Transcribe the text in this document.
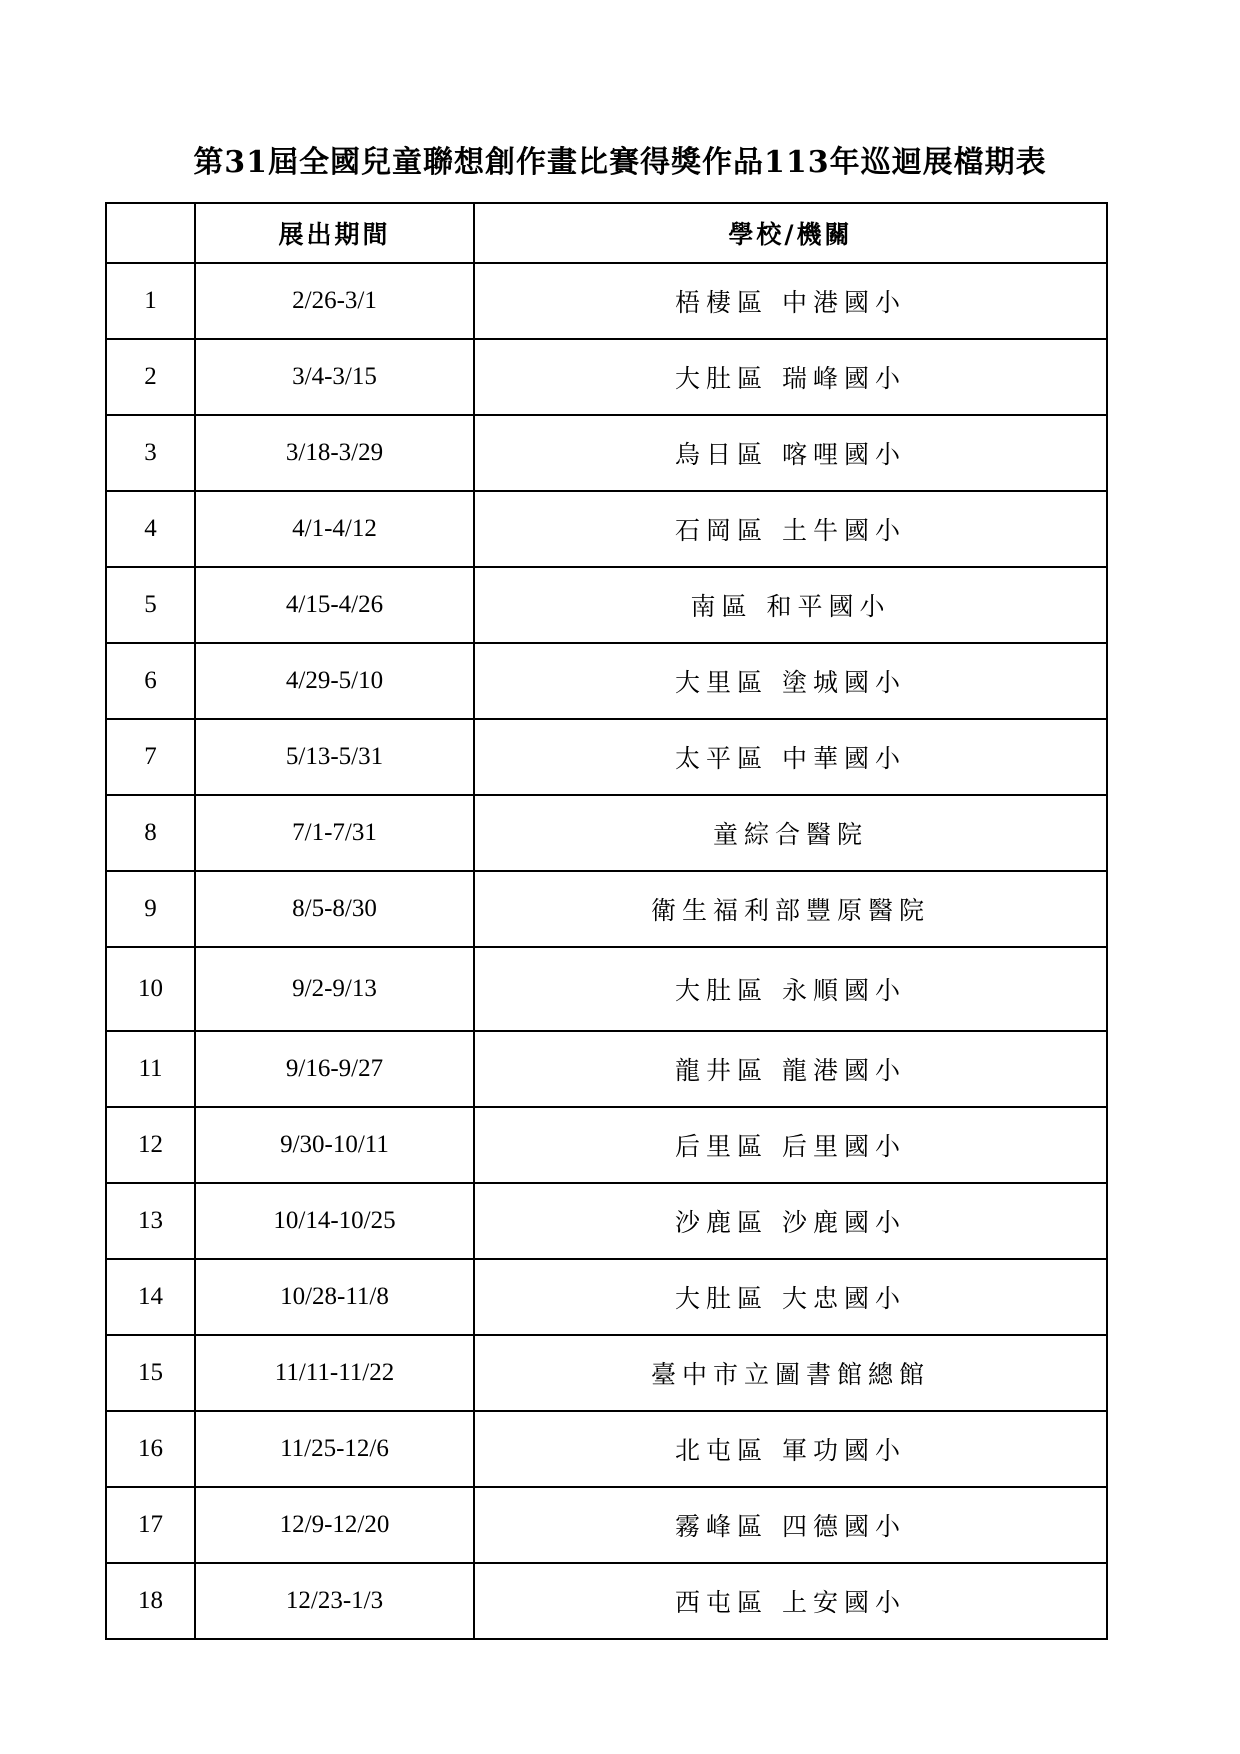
第31屆全國兒童聯想創作畫比賽得獎作品113年巡迴展檔期表
	展出期間	學校/機關
1	2/26-3/1	梧棲區 中港國小
2	3/4-3/15	大肚區 瑞峰國小
3	3/18-3/29	烏日區 喀哩國小
4	4/1-4/12	石岡區 土牛國小
5	4/15-4/26	南區 和平國小
6	4/29-5/10	大里區 塗城國小
7	5/13-5/31	太平區 中華國小
8	7/1-7/31	童綜合醫院
9	8/5-8/30	衛生福利部豐原醫院
10	9/2-9/13	大肚區 永順國小
11	9/16-9/27	龍井區 龍港國小
12	9/30-10/11	后里區 后里國小
13	10/14-10/25	沙鹿區 沙鹿國小
14	10/28-11/8	大肚區 大忠國小
15	11/11-11/22	臺中市立圖書館總館
16	11/25-12/6	北屯區 軍功國小
17	12/9-12/20	霧峰區 四德國小
18	12/23-1/3	西屯區 上安國小
